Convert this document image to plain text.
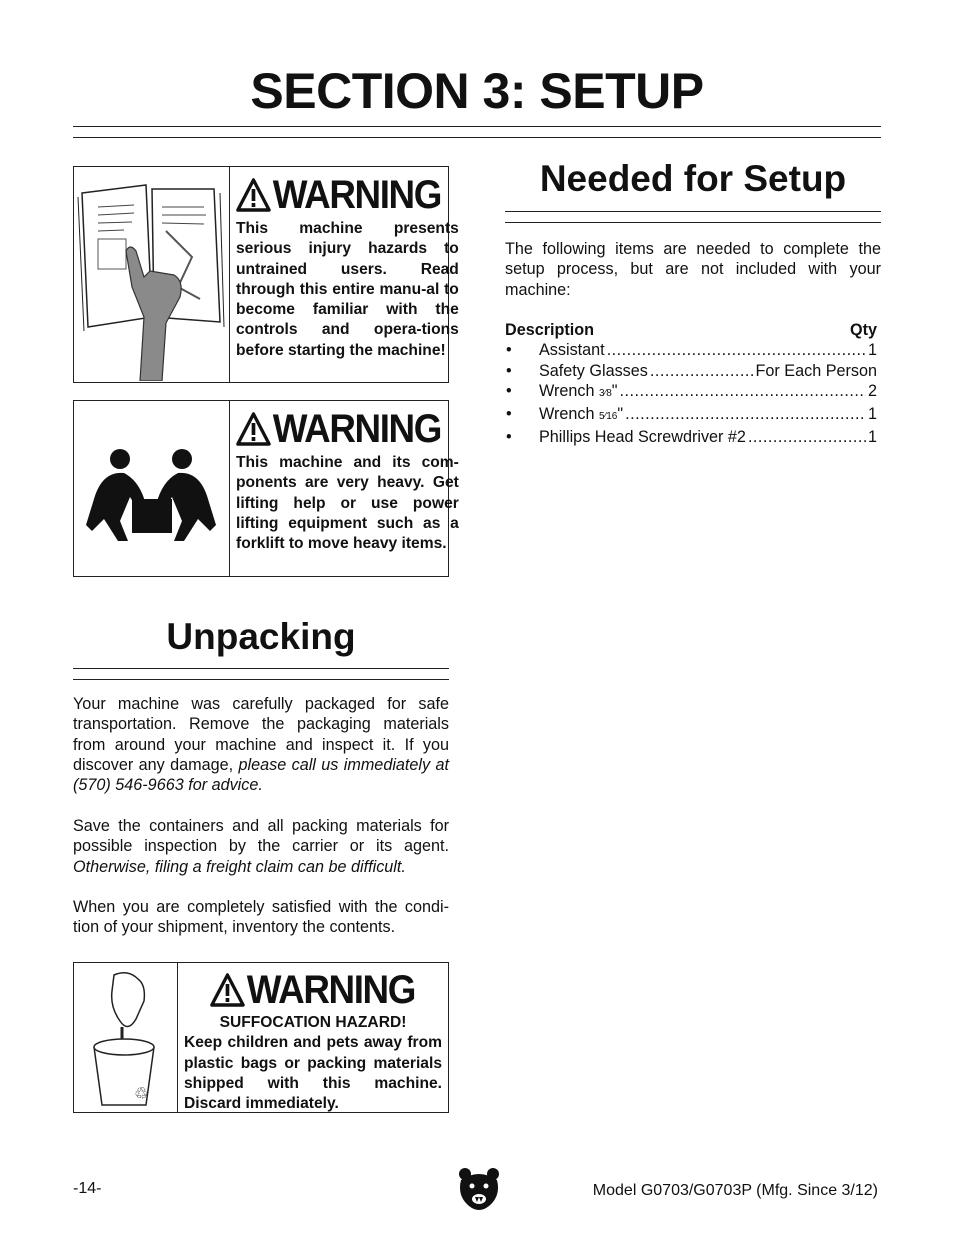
SECTION 3: SETUP
WARNING
This machine presents serious injury hazards to untrained users. Read through this entire manu-al to become familiar with the controls and opera-tions before starting the machine!
WARNING
This machine and its com-ponents are very heavy. Get lifting help or use power lifting equipment such as a forklift to move heavy items.
Unpacking
Your machine was carefully packaged for safe transportation. Remove the packaging materials from around your machine and inspect it. If you discover any damage, please call us immediately at (570) 546-9663 for advice.
Save the containers and all packing materials for possible inspection by the carrier or its agent. Otherwise, filing a freight claim can be difficult.
When you are completely satisfied with the condi-tion of your shipment, inventory the contents.
♲
WARNING
SUFFOCATION HAZARD!
Keep children and pets away from plastic bags or packing materials shipped with this machine. Discard immediately.
Needed for Setup
The following items are needed to complete the setup process, but are not included with your machine:
Description	Qty
•	Assistant .....	1
•	Safety Glasses .....	For Each Person
•	Wrench 3⁄8 " .....	2
•	Wrench 5⁄16 " .....	1
•	Phillips Head Screwdriver #2 .....	1
-14-	Model G0703/G0703P (Mfg. Since 3/12)
